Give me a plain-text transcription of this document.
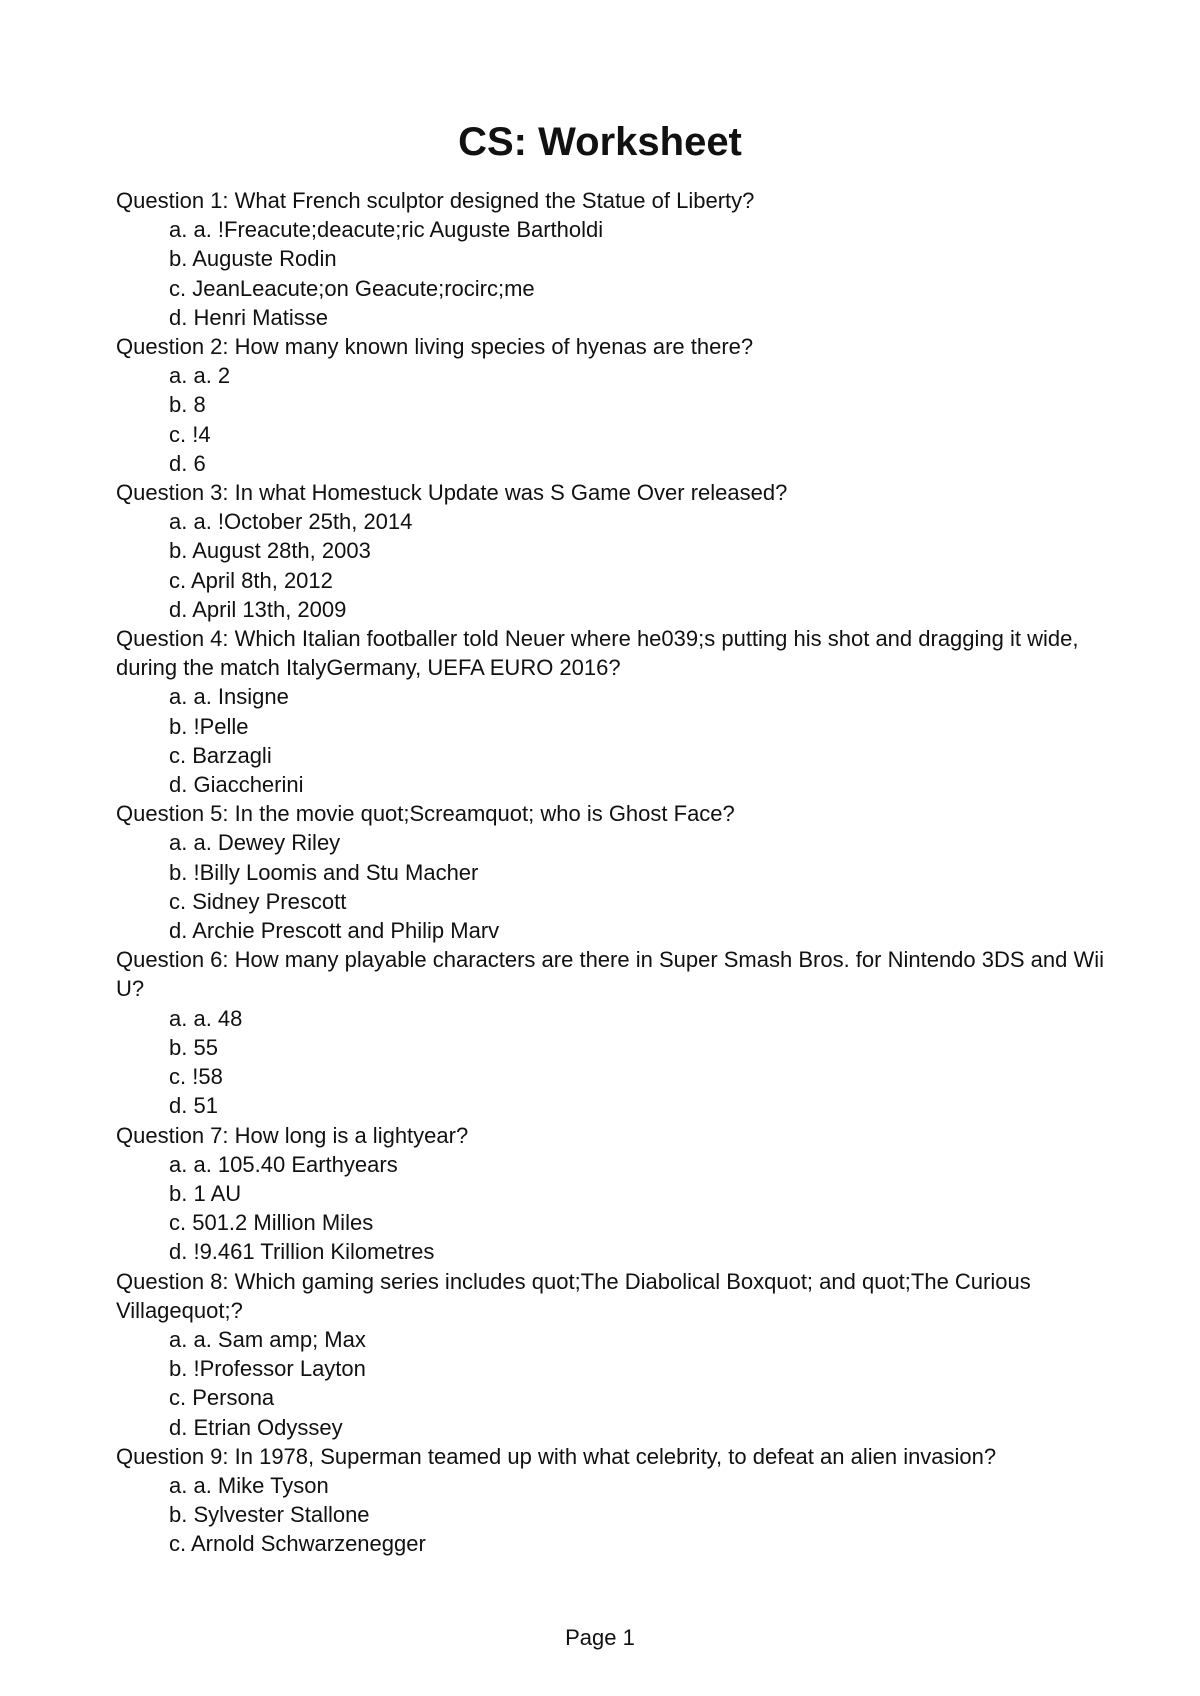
CS: Worksheet

Question 1: What French sculptor designed the Statue of Liberty?

a. a. !Freacute;deacute;ric Auguste Bartholdi
b. Auguste Rodin
c. JeanLeacute;on Geacute;rocirc;me
d. Henri Matisse

Question 2: How many known living species of hyenas are there?

a. a. 2
b. 8
c. !4
d. 6

Question 3: In what Homestuck Update was S Game Over released?

a. a. !October 25th, 2014
b. August 28th, 2003
c. April 8th, 2012
d. April 13th, 2009

Question 4: Which Italian footballer told Neuer where he039;s putting his shot and dragging it wide, during the match ItalyGermany, UEFA EURO 2016?

a. a. Insigne
b. !Pelle
c. Barzagli
d. Giaccherini

Question 5: In the movie quot;Screamquot; who is Ghost Face?

a. a. Dewey Riley
b. !Billy Loomis and Stu Macher
c. Sidney Prescott
d. Archie Prescott and Philip Marv

Question 6: How many playable characters are there in Super Smash Bros. for Nintendo 3DS and Wii U?

a. a. 48
b. 55
c. !58
d. 51

Question 7: How long is a lightyear?

a. a. 105.40 Earthyears
b. 1 AU
c. 501.2 Million Miles
d. !9.461 Trillion Kilometres

Question 8: Which gaming series includes quot;The Diabolical Boxquot; and quot;The Curious Villagequot;?

a. a. Sam amp; Max
b. !Professor Layton
c. Persona
d. Etrian Odyssey

Question 9: In 1978, Superman teamed up with what celebrity, to defeat an alien invasion?

a. a. Mike Tyson
b. Sylvester Stallone
c. Arnold Schwarzenegger
Page 1
